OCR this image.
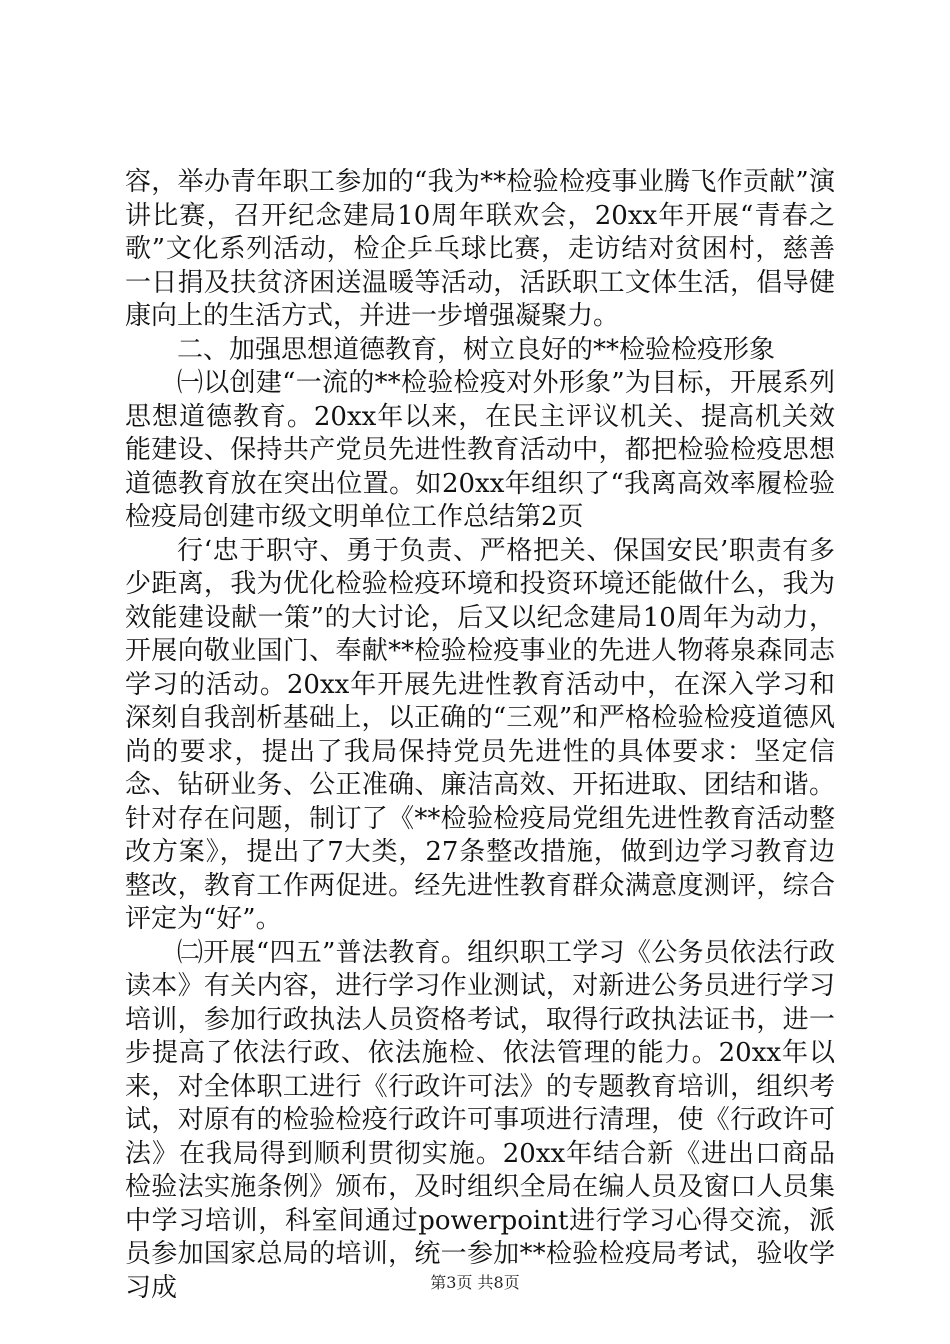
容，举办青年职工参加的“我为**检验检疫事业腾飞作贡献”演讲比赛，召开纪念建局10周年联欢会，20xx年开展“青春之歌”文化系列活动，检企乒乓球比赛，走访结对贫困村，慈善一日捐及扶贫济困送温暖等活动，活跃职工文体生活，倡导健康向上的生活方式，并进一步增强凝聚力。

二、加强思想道德教育，树立良好的**检验检疫形象

㈠以创建“一流的**检验检疫对外形象”为目标，开展系列思想道德教育。20xx年以来，在民主评议机关、提高机关效能建设、保持共产党员先进性教育活动中，都把检验检疫思想道德教育放在突出位置。如20xx年组织了“我离高效率履检验检疫局创建市级文明单位工作总结第2页

行‘忠于职守、勇于负责、严格把关、保国安民’职责有多少距离，我为优化检验检疫环境和投资环境还能做什么，我为效能建设献一策”的大讨论，后又以纪念建局10周年为动力，开展向敬业国门、奉献**检验检疫事业的先进人物蒋泉森同志学习的活动。20xx年开展先进性教育活动中，在深入学习和深刻自我剖析基础上，以正确的“三观”和严格检验检疫道德风尚的要求，提出了我局保持党员先进性的具体要求：坚定信念、钻研业务、公正准确、廉洁高效、开拓进取、团结和谐。针对存在问题，制订了《**检验检疫局党组先进性教育活动整改方案》，提出了7大类，27条整改措施，做到边学习教育边整改，教育工作两促进。经先进性教育群众满意度测评，综合评定为“好”。

㈡开展“四五”普法教育。组织职工学习《公务员依法行政读本》有关内容，进行学习作业测试，对新进公务员进行学习培训，参加行政执法人员资格考试，取得行政执法证书，进一步提高了依法行政、依法施检、依法管理的能力。20xx年以来，对全体职工进行《行政许可法》的专题教育培训，组织考试，对原有的检验检疫行政许可事项进行清理，使《行政许可法》在我局得到顺利贯彻实施。20xx年结合新《进出口商品检验法实施条例》颁布，及时组织全局在编人员及窗口人员集中学习培训，科室间通过powerpoint进行学习心得交流，派员参加国家总局的培训，统一参加**检验检疫局考试，验收学习成	第3页 共8页
